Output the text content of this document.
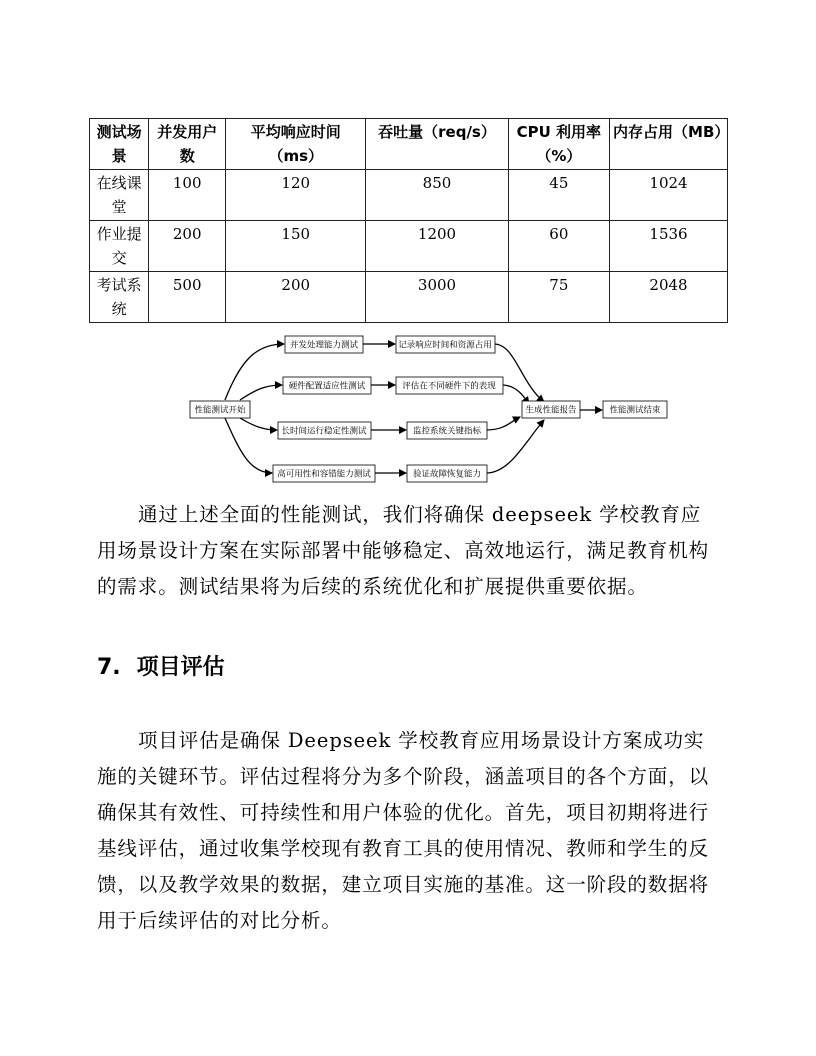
测试场景	并发用户数	平均响应时间（ms）	吞吐量（req/s）	CPU 利用率（%）	内存占用（MB）
在线课堂	100	120	850	45	1024
作业提交	200	150	1200	60	1536
考试系统	500	200	3000	75	2048
性能测试开始
并发处理能力测试
硬件配置适应性测试
长时间运行稳定性测试
高可用性和容错能力测试
记录响应时间和资源占用
评估在不同硬件下的表现
监控系统关键指标
验证故障恢复能力
生成性能报告	性能测试结束

通过上述全面的性能测试，我们将确保 deepseek 学校教育应用场景设计方案在实际部署中能够稳定、高效地运行，满足教育机构的需求。测试结果将为后续的系统优化和扩展提供重要依据。

7. 项目评估

项目评估是确保 Deepseek 学校教育应用场景设计方案成功实施的关键环节。评估过程将分为多个阶段，涵盖项目的各个方面，以确保其有效性、可持续性和用户体验的优化。首先，项目初期将进行基线评估，通过收集学校现有教育工具的使用情况、教师和学生的反馈，以及教学效果的数据，建立项目实施的基准。这一阶段的数据将用于后续评估的对比分析。
